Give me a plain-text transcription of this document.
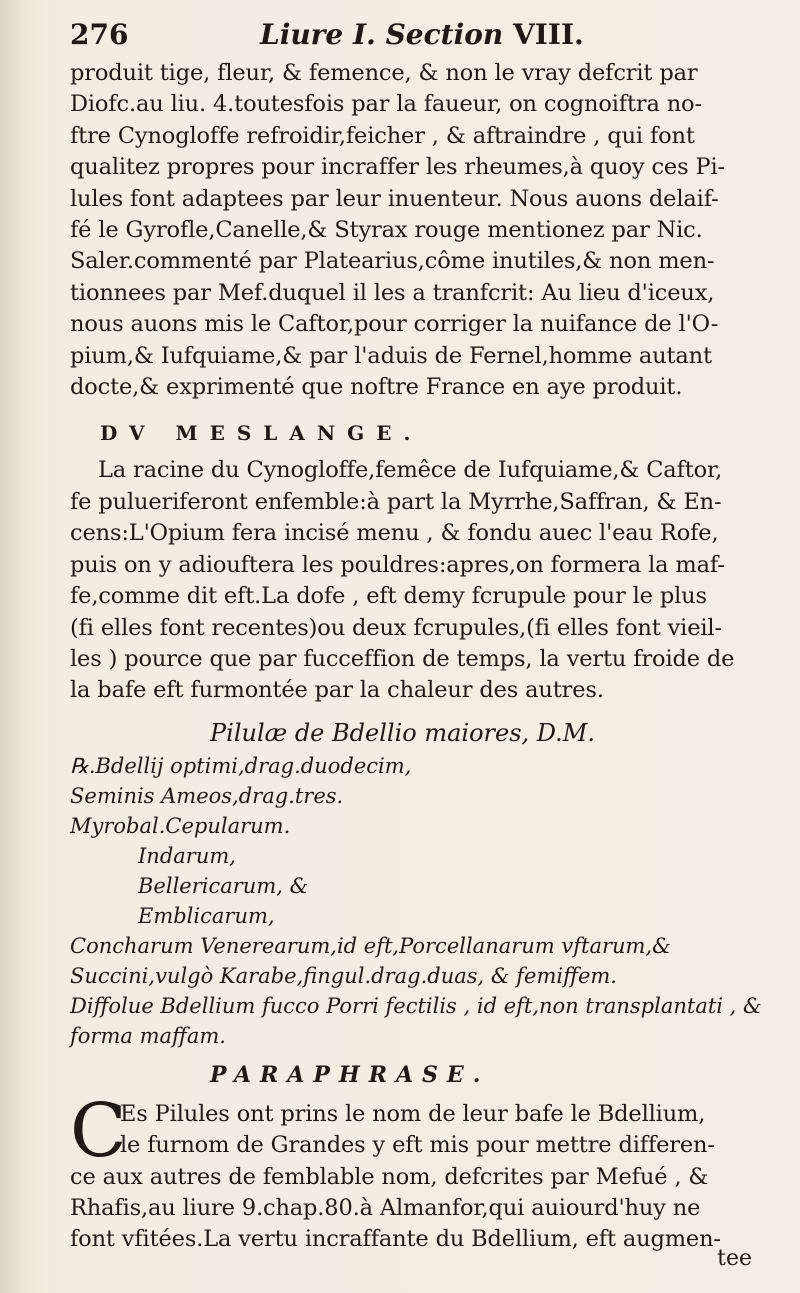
276	Liure I. Section VIII.
produit tige, fleur, & femence, & non le vray defcrit par
Diofc.au liu. 4.toutesfois par la faueur, on cognoiftra no-
ftre Cynogloffe refroidir,feicher , & aftraindre , qui font
qualitez propres pour incraffer les rheumes,à quoy ces Pi-
lules font adaptees par leur inuenteur. Nous auons delaif-
fé le Gyrofle,Canelle,& Styrax rouge mentionez par Nic.
Saler.commenté par Platearius,côme inutiles,& non men-
tionnees par Mef.duquel il les a tranfcrit: Au lieu d'iceux,
nous auons mis le Caftor,pour corriger la nuifance de l'O-
pium,& Iufquiame,& par l'aduis de Fernel,homme autant
docte,& exprimenté que noftre France en aye produit.
DV MESLANGE.
La racine du Cynogloffe,femêce de Iufquiame,& Caftor,
fe pulueriferont enfemble:à part la Myrrhe,Saffran, & En-
cens:L'Opium fera incisé menu , & fondu auec l'eau Rofe,
puis on y adiouftera les pouldres:apres,on formera la maf-
fe,comme dit eft.La dofe , eft demy fcrupule pour le plus
(fi elles font recentes)ou deux fcrupules,(fi elles font vieil-
les ) pource que par fucceffion de temps, la vertu froide de
la bafe eft furmontée par la chaleur des autres.
Pilulæ de Bdellio maiores, D.M.
℞.Bdellij optimi,drag.duodecim,
Seminis Ameos,drag.tres.
Myrobal.Cepularum.
Indarum,
Bellericarum, &
Emblicarum,
Concharum Venerearum,id eft,Porcellanarum vftarum,&
Succini,vulgò Karabe,fingul.drag.duas, & femiffem.
Diffolue Bdellium fucco Porri fectilis , id eft,non transplantati , &
forma maffam.
PARAPHRASE.
C
Es Pilules ont prins le nom de leur bafe le Bdellium,
le furnom de Grandes y eft mis pour mettre differen-
ce aux autres de femblable nom, defcrites par Mefué , &
Rhafis,au liure 9.chap.80.à Almanfor,qui auiourd'huy ne
font vfitées.La vertu incraffante du Bdellium, eft augmen-
tee
